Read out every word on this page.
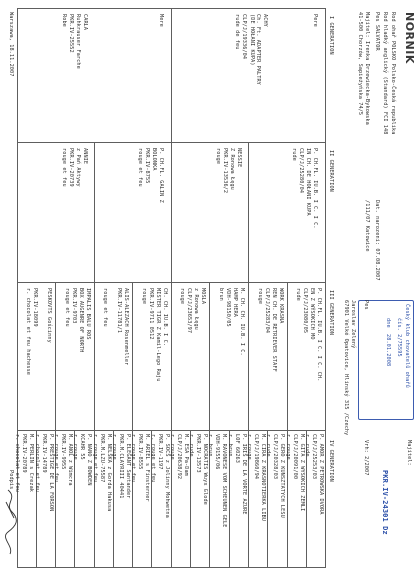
NORNIK
Rod ohař POLSKO Polsko-Česká republika
Rod hladký anglický (Standard) FCI 148
Pes SALVATOR
Majitel: Irenka Drzewiecka-Bykowska
41-500 Chorzów, Sapieżyńska 74/5
Dat. narozeni: 07.08.2007
/111/07 Katowice
Český klub chovatelů ohařů
čís. 2/75595
dne
28.01.2008
PKR.IV-24301 Dz
Majitel:
Jaroslav Zelený
67901 Velké Opatovice, Hlinský 315 /Czechy	Pes
Vrh: 2/2007
I GENERATION
II GENERATION
III GENERATION
IV GENERATION
Pere
Mere	ACHY
Ch. Ft. ADAPTER PALTRY
(DE HOŁANI KUPA)
CLP/J/19336/04
rude de feu
CARLA
Ruhkrauser Farche
PKR.IV-25552
Robe
P. CH.FL. IU.B. I C. I C.
IN CH. DE HOŁANI KUPA
CLP/J/25280/04
rude
NESSIE
Z Ronowa Łęgu
PKR.IV-13536/2
rouge
P. CH.FL. GALIN Z
BOLONKA
PKR.IV-8755
rouge et feu
ANNIE
z Pań Aktywy
PKR.IV-20739
rouge et feu
P. CH.FL. IU.B. I C. I C. CH.
EN Z WÝSOKICH MO
CLP/J/23080/05
rude
WORK KRASNA
REN CH. DE RETRIEVER STAFF
CLP/J/25283/04
rouge
M. CH. CH. IU.B. I C.
HAMP HERA
VDH-98150/05
brun
MOSLA
z Ronowa Łęgu
CLP/J/23653/97
rouge
CH. CH. IU.B. I C.
MISTER TIGR Z Kamil-Lego Raju
PKR.IV-9711 0512
rouge
ALIS-ALEZACH Rosenmeller
PKR.IV-11781/1
rouge et feu
IMPALIS BALU ROS
BOX AUGENRE OF NORTH
PKR.IV-9703
rouge et feu
PESKOVTS Gościnny
PKR.IV-18099
r. chocolat et feu hachesse
P. AMOR Z PETROWSKA DVORA
CLP/J/25253/03
r. rude
M. GITA Z WYSOKICH ZEMLI
CLP/J/20091/00
r. rouge
P. GERO Z KUNSZTATYCH LESU
CLP/J/20328/03
r. rude
M. CIRA Z KRASNOTIERKA LIBU
CLP/J/19860/94
r. rouge
P. IRIS DE LA VORTE AZURE
LOF 60263
r. brun
M. RAVONESE VOM SCHEUNEN GELE
VDH-9155/06
r. brun
P. NOCRATIS Wuyx Glode
PKR.IV-13573
r. rude
M. ESA Pa-Dam
CLP/J/20638/92
r. rouge
P. SOCS z Jolinny Mohwetna
PKR.IV-1197
r. rouge et feu
M. ARIEL s Finsterner
PKR.IV-8555
r. rouge et feu
P. ELEGANT Santander
PKR.M.CLAYRIII 40441
r. rouge
M. NELSKA z Gorda Hakusa
PKR.M.LZU-75587
r. rouge et feu
P. NANO Z BOWDEN
KCAHR 55
r. rouge
M. ANOL z Wimcra
PKR.IV-9955
r. rouge et feu
P. PRESTIGE DE LA FORSON
PKR.IV-14789
r. chocolat et feu
M. PERLIN s Crezak
PKR.IV-20789
r. chocolat et feu
Warszawa, 18.11.2007
Podpis
